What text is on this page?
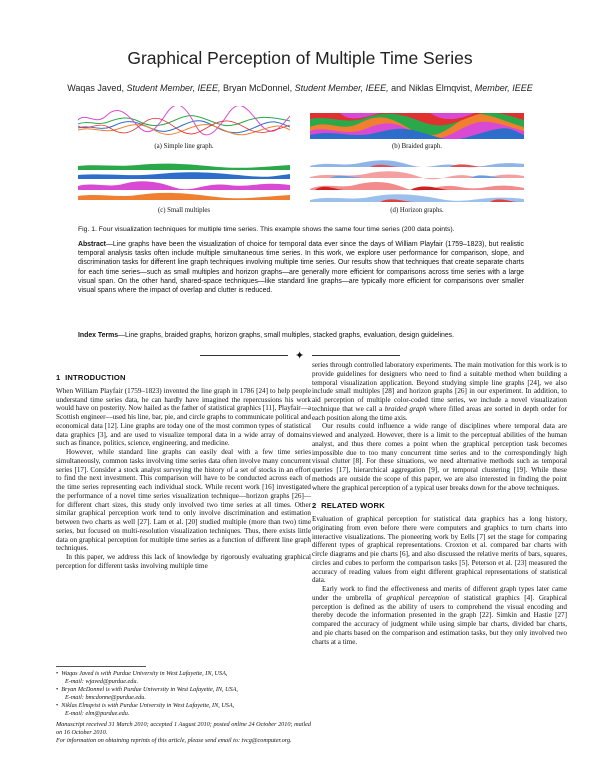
Graphical Perception of Multiple Time Series
Waqas Javed, Student Member, IEEE, Bryan McDonnel, Student Member, IEEE, and Niklas Elmqvist, Member, IEEE
(a) Simple line graph.	(b) Braided graph.
(c) Small multiples	(d) Horizon graphs.
Fig. 1. Four visualization techniques for multiple time series. This example shows the same four time series (200 data points).
Abstract—Line graphs have been the visualization of choice for temporal data ever since the days of William Playfair (1759–1823), but realistic temporal analysis tasks often include multiple simultaneous time series. In this work, we explore user performance for comparison, slope, and discrimination tasks for different line graph techniques involving multiple time series. Our results show that techniques that create separate charts for each time series—such as small multiples and horizon graphs—are generally more efficient for comparisons across time series with a large visual span. On the other hand, shared-space techniques—like standard line graphs—are typically more efficient for comparisons over smaller visual spans where the impact of overlap and clutter is reduced.
Index Terms—Line graphs, braided graphs, horizon graphs, small multiples, stacked graphs, evaluation, design guidelines.
✦

1 INTRODUCTION

When William Playfair (1759–1823) invented the line graph in 1786 [24] to help people understand time series data, he can hardly have imagined the repercussions his work would have on posterity. Now hailed as the father of statistical graphics [11], Playfair—a Scottish engineer—used his line, bar, pie, and circle graphs to communicate political and economical data [12]. Line graphs are today one of the most common types of statistical data graphics [3], and are used to visualize temporal data in a wide array of domains such as finance, politics, science, engineering, and medicine.

However, while standard line graphs can easily deal with a few time series simultaneously, common tasks involving time series data often involve many concurrent series [17]. Consider a stock analyst surveying the history of a set of stocks in an effort to find the next investment. This comparison will have to be conducted across each of the time series representing each individual stock. While recent work [16] investigated the performance of a novel time series visualization technique—horizon graphs [26]—for different chart sizes, this study only involved two time series at all times. Other similar graphical perception work tend to only involve discrimination and estimation between two charts as well [27]. Lam et al. [20] studied multiple (more than two) time series, but focused on multi-resolution visualization techniques. Thus, there exists little data on graphical perception for multiple time series as a function of different line graph techniques.

In this paper, we address this lack of knowledge by rigorously evaluating graphical perception for different tasks involving multiple time

•  Waqas Javed is with Purdue University in West Lafayette, IN, USA,
E-mail: wjaved@purdue.edu.
•  Bryan McDonnel is with Purdue University in West Lafayette, IN, USA,
E-mail: bmcdonne@purdue.edu.
•  Niklas Elmqvist is with Purdue University in West Lafayette, IN, USA,
E-mail: elm@purdue.edu.
Manuscript received 31 March 2010; accepted 1 August 2010; posted online 24 October 2010; mailed on 16 October 2010.
For information on obtaining reprints of this article, please send email to: tvcg@computer.org.

series through controlled laboratory experiments. The main motivation for this work is to provide guidelines for designers who need to find a suitable method when building a temporal visualization application. Beyond studying simple line graphs [24], we also include small multiples [28] and horizon graphs [26] in our experiment. In addition, to aid perception of multiple color-coded time series, we include a novel visualization technique that we call a braided graph where filled areas are sorted in depth order for each position along the time axis.

Our results could influence a wide range of disciplines where temporal data are viewed and analyzed. However, there is a limit to the perceptual abilities of the human analyst, and thus there comes a point when the graphical perception task becomes impossible due to too many concurrent time series and to the correspondingly high visual clutter [8]. For these situations, we need alternative methods such as temporal queries [17], hierarchical aggregation [9], or temporal clustering [19]. While these methods are outside the scope of this paper, we are also interested in finding the point where the graphical perception of a typical user breaks down for the above techniques.

2 RELATED WORK

Evaluation of graphical perception for statistical data graphics has a long history, originating from even before there were computers and graphics to turn charts into interactive visualizations. The pioneering work by Eells [7] set the stage for comparing different types of graphical representations. Croxton et al. compared bar charts with circle diagrams and pie charts [6], and also discussed the relative merits of bars, squares, circles and cubes to perform the comparison tasks [5]. Peterson et al. [23] measured the accuracy of reading values from eight different graphical representations of statistical data.

Early work to find the effectiveness and merits of different graph types later came under the umbrella of graphical perception of statistical graphics [4]. Graphical perception is defined as the ability of users to comprehend the visual encoding and thereby decode the information presented in the graph [22]. Simkin and Hastie [27] compared the accuracy of judgment while using simple bar charts, divided bar charts, and pie charts based on the comparison and estimation tasks, but they only involved two charts at a time.
